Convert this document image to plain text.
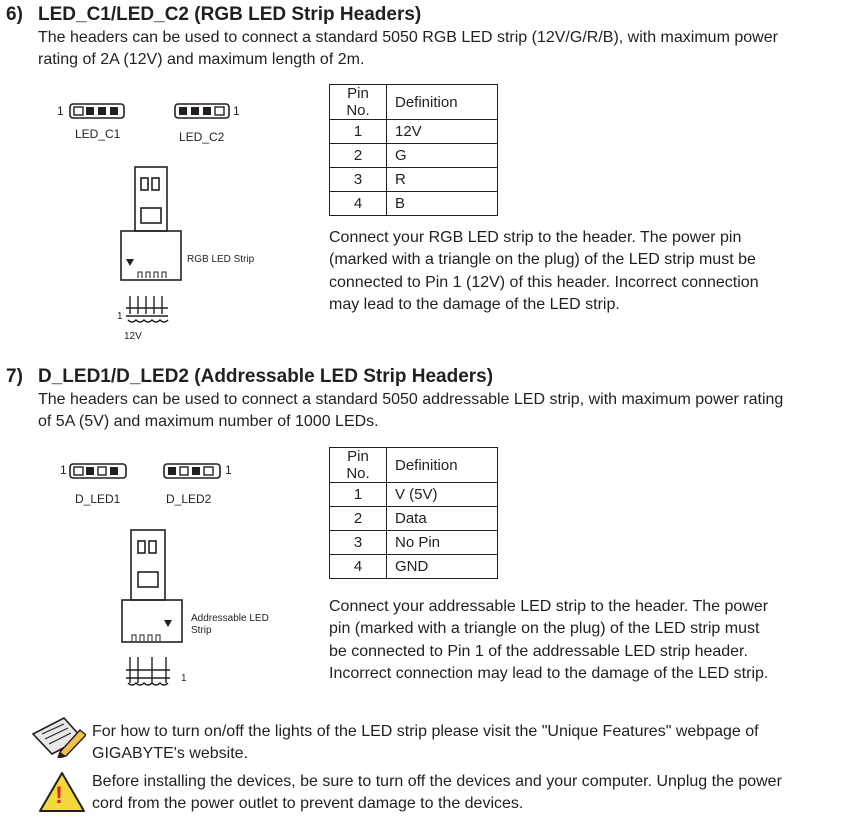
6) LED_C1/LED_C2 (RGB LED Strip Headers)
The headers can be used to connect a standard 5050 RGB LED strip (12V/G/R/B), with maximum power
rating of 2A (12V) and maximum length of 2m.
1	1
LED_C1	LED_C2
RGB LED Strip
1
12V
Pin No.	Definition
1	12V
2	G
3	R
4	B
Connect your RGB LED strip to the header. The power pin
(marked with a triangle on the plug) of the LED strip must be
connected to Pin 1 (12V) of this header. Incorrect connection
may lead to the damage of the LED strip.
7) D_LED1/D_LED2 (Addressable LED Strip Headers)
The headers can be used to connect a standard 5050 addressable LED strip, with maximum power rating
of 5A (5V) and maximum number of 1000 LEDs.
1	1
D_LED1	D_LED2
Addressable LED
Strip
1
Pin No.	Definition
1	V (5V)
2	Data
3	No Pin
4	GND
Connect your addressable LED strip to the header. The power
pin (marked with a triangle on the plug) of the LED strip must
be connected to Pin 1 of the addressable LED strip header.
Incorrect connection may lead to the damage of the LED strip.
For how to turn on/off the lights of the LED strip please visit the "Unique Features" webpage of
GIGABYTE's website.
!
Before installing the devices, be sure to turn off the devices and your computer. Unplug the power
cord from the power outlet to prevent damage to the devices.
